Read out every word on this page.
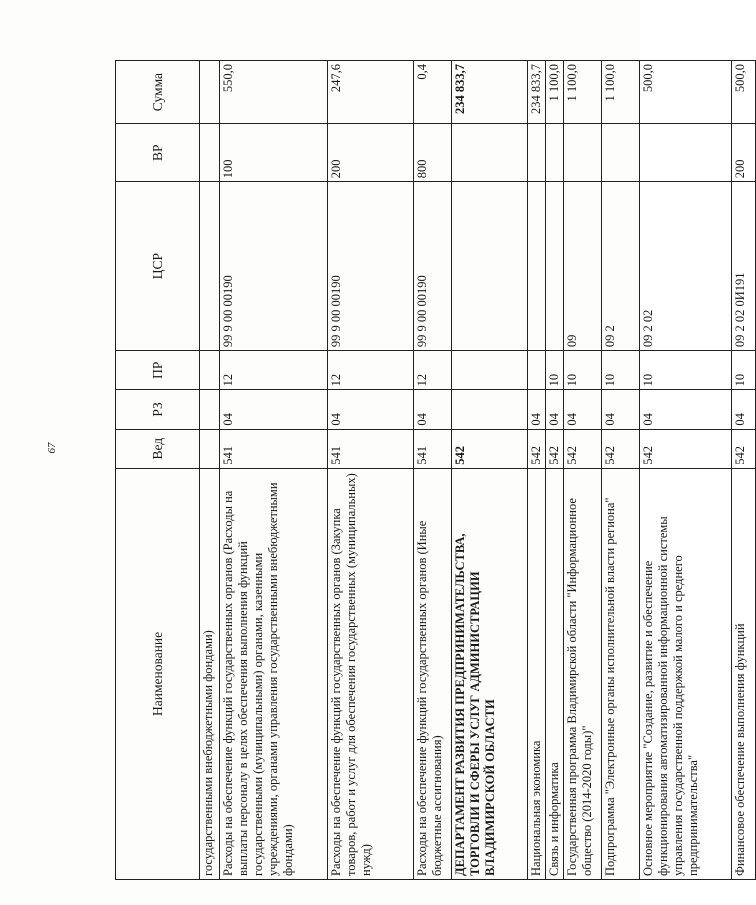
67
Наименование	Вед	РЗ	ПР	ЦСР	ВР	Сумма
государственными внебюджетными фондами)						
Расходы на обеспечение функций государственных органов (Расходы на выплаты персоналу в целях обеспечения выполнения функций государственными (муниципальными) органами, казенными учреждениями, органами управления государственными внебюджетными фондами)	541	04	12	99 9 00 00190	100	550,0
Расходы на обеспечение функций государственных органов (Закупка товаров, работ и услуг для обеспечения государственных (муниципальных) нужд)	541	04	12	99 9 00 00190	200	247,6
Расходы на обеспечение функций государственных органов (Иные бюджетные ассигнования)	541	04	12	99 9 00 00190	800	0,4
ДЕПАРТАМЕНТ РАЗВИТИЯ ПРЕДПРИНИМАТЕЛЬСТВА, ТОРГОВЛИ И СФЕРЫ УСЛУГ АДМИНИСТРАЦИИ ВЛАДИМИРСКОЙ ОБЛАСТИ	542					234 833,7
Национальная экономика	542	04				234 833,7
Связь и информатика	542	04	10			1 100,0
Государственная программа Владимирской области "Информационное общество (2014-2020 годы)"	542	04	10	09		1 100,0
Подпрограмма "Электронные органы исполнительной власти региона"	542	04	10	09 2		1 100,0
Основное мероприятие "Создание, развитие и обеспечение функционирования автоматизированной информационной системы управления государственной поддержкой малого и среднего предпринимательства"	542	04	10	09 2 02		500,0
Финансовое обеспечение выполнения функций	542	04	10	09 2 02 0И191	200	500,0
